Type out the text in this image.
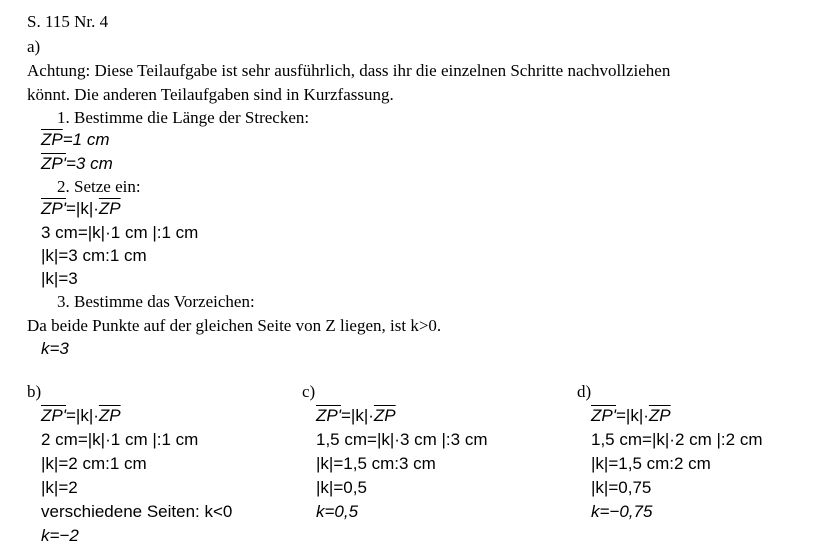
S. 115 Nr. 4
a)
Achtung: Diese Teilaufgabe ist sehr ausführlich, dass ihr die einzelnen Schritte nachvollziehen
könnt. Die anderen Teilaufgaben sind in Kurzfassung.
1. Bestimme die Länge der Strecken:
$\overline{ZP}=1$ cm
ZP'=3 cm
2. Setze ein:
$ZP'=|k|\cdot\overline{ZP}$
3 cm=|k|·1 cm |:1 cm
|k|=3 cm:1 cm
|k|=3
3. Bestimme das Vorzeichen:
Da beide Punkte auf der gleichen Seite von Z liegen, ist k>0.
k=3
b)
$ZP'=|k|\cdot\overline{ZP}$
2 cm=|k|·1 cm |:1 cm
|k|=2 cm:1 cm
|k|=2
verschiedene Seiten: k<0
k=−2
c)
$ZP'=|k|\cdot\overline{ZP}$
1,5 cm=|k|·3 cm |:3 cm
|k|=1,5 cm:3 cm
|k|=0,5
k=0,5
d)
$ZP'=|k|\cdot\overline{ZP}$
1,5 cm=|k|·2 cm |:2 cm
|k|=1,5 cm:2 cm
|k|=0,75
k=−0,75
